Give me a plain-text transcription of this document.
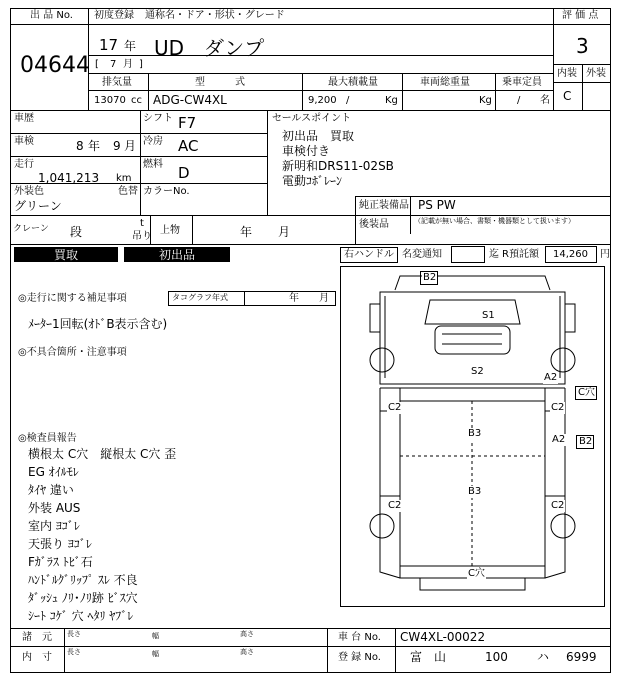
出 品 No.
04644
初度登録 通称名・ドア・形状・グレード
17 年
[ 7 月 ]
UD　ダンプ
評 価 点
3
内装 外装
C
排気量	型　　　式	最大積載量	車両総重量	乗車定員
13070 cc ADG-CW4XL	9,200 /	Kg	Kg	/ 名
車歴	シフト F7
車検	8 年 9 月 冷房 AC
走行
1,041,213 km
燃料 D
外装色
グリーン
色替 カラーNo.
クレーン 段
t
吊り
上物	年 月
セールスポイント
初出品　買取
車検付き
新明和DRS11-02SB
電動ｺﾎﾞﾚｰﾝ
純正装備品 PS PW
後装品	（記載が無い場合、書類・機器類として扱います）
買取	初出品	右ハンドル 名変通知	迄 R預託額 14,260 円
◎走行に関する補足事項	タコグラフ年式	年 月
ﾒｰﾀｰ1回転(ｵﾄﾞB表示含む)
◎不具合箇所・注意事項
◎検査員報告
横根太 C穴　縦根太 C穴 歪
EG ｵｲﾙﾓﾚ
ﾀｲﾔ 違い
外装 AUS
室内 ﾖｺﾞﾚ
天張り ﾖｺﾞﾚ
Fｶﾞﾗｽ ﾄﾋﾞ石
ﾊﾝﾄﾞﾙｸﾞﾘｯﾌﾟ ｽﾚ 不良
ﾀﾞｯｼｭ ﾉﾘ･ﾉﾘ跡 ﾋﾞｽ穴
ｼｰﾄ ｺｹﾞ 穴 ﾍﾀﾘ ﾔﾌﾞﾚ
B2
S1
S2
A2
C穴
C2	C2
B3
A2 B2
B3
C2	C2
C穴
諸　元
内　寸
長さ	幅	高さ
長さ	幅	高さ
車 台 No. CW4XL-00022
登 録 No. 富　山	100 ハ 6999
